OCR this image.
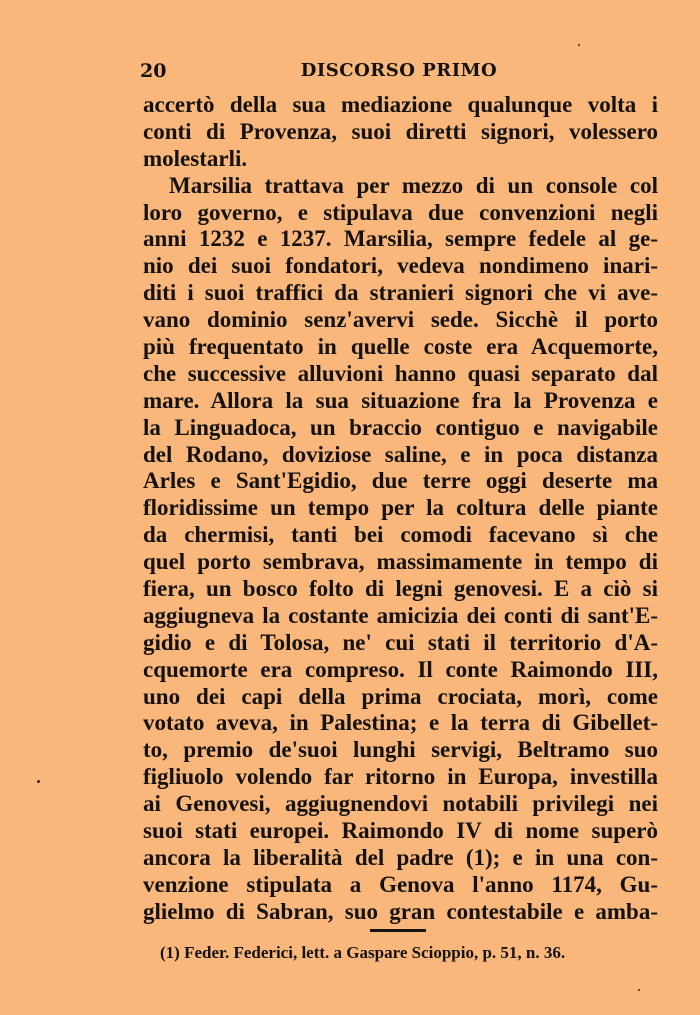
20	DISCORSO PRIMO
accertò della sua mediazione qualunque volta i
conti di Provenza, suoi diretti signori, volessero
molestarli.
Marsilia trattava per mezzo di un console col
loro governo, e stipulava due convenzioni negli
anni 1232 e 1237. Marsilia, sempre fedele al ge-
nio dei suoi fondatori, vedeva nondimeno inari-
diti i suoi traffici da stranieri signori che vi ave-
vano dominio senz'avervi sede. Sicchè il porto
più frequentato in quelle coste era Acquemorte,
che successive alluvioni hanno quasi separato dal
mare. Allora la sua situazione fra la Provenza e
la Linguadoca, un braccio contiguo e navigabile
del Rodano, doviziose saline, e in poca distanza
Arles e Sant'Egidio, due terre oggi deserte ma
floridissime un tempo per la coltura delle piante
da chermisi, tanti bei comodi facevano sì che
quel porto sembrava, massimamente in tempo di
fiera, un bosco folto di legni genovesi. E a ciò si
aggiugneva la costante amicizia dei conti di sant'E-
gidio e di Tolosa, ne' cui stati il territorio d'A-
cquemorte era compreso. Il conte Raimondo III,
uno dei capi della prima crociata, morì, come
votato aveva, in Palestina; e la terra di Gibellet-
to, premio de'suoi lunghi servigi, Beltramo suo
figliuolo volendo far ritorno in Europa, investilla
ai Genovesi, aggiugnendovi notabili privilegi nei
suoi stati europei. Raimondo IV di nome superò
ancora la liberalità del padre (1); e in una con-
venzione stipulata a Genova l'anno 1174, Gu-
glielmo di Sabran, suo gran contestabile e amba-
(1) Feder. Federici, lett. a Gaspare Scioppio, p. 51, n. 36.
